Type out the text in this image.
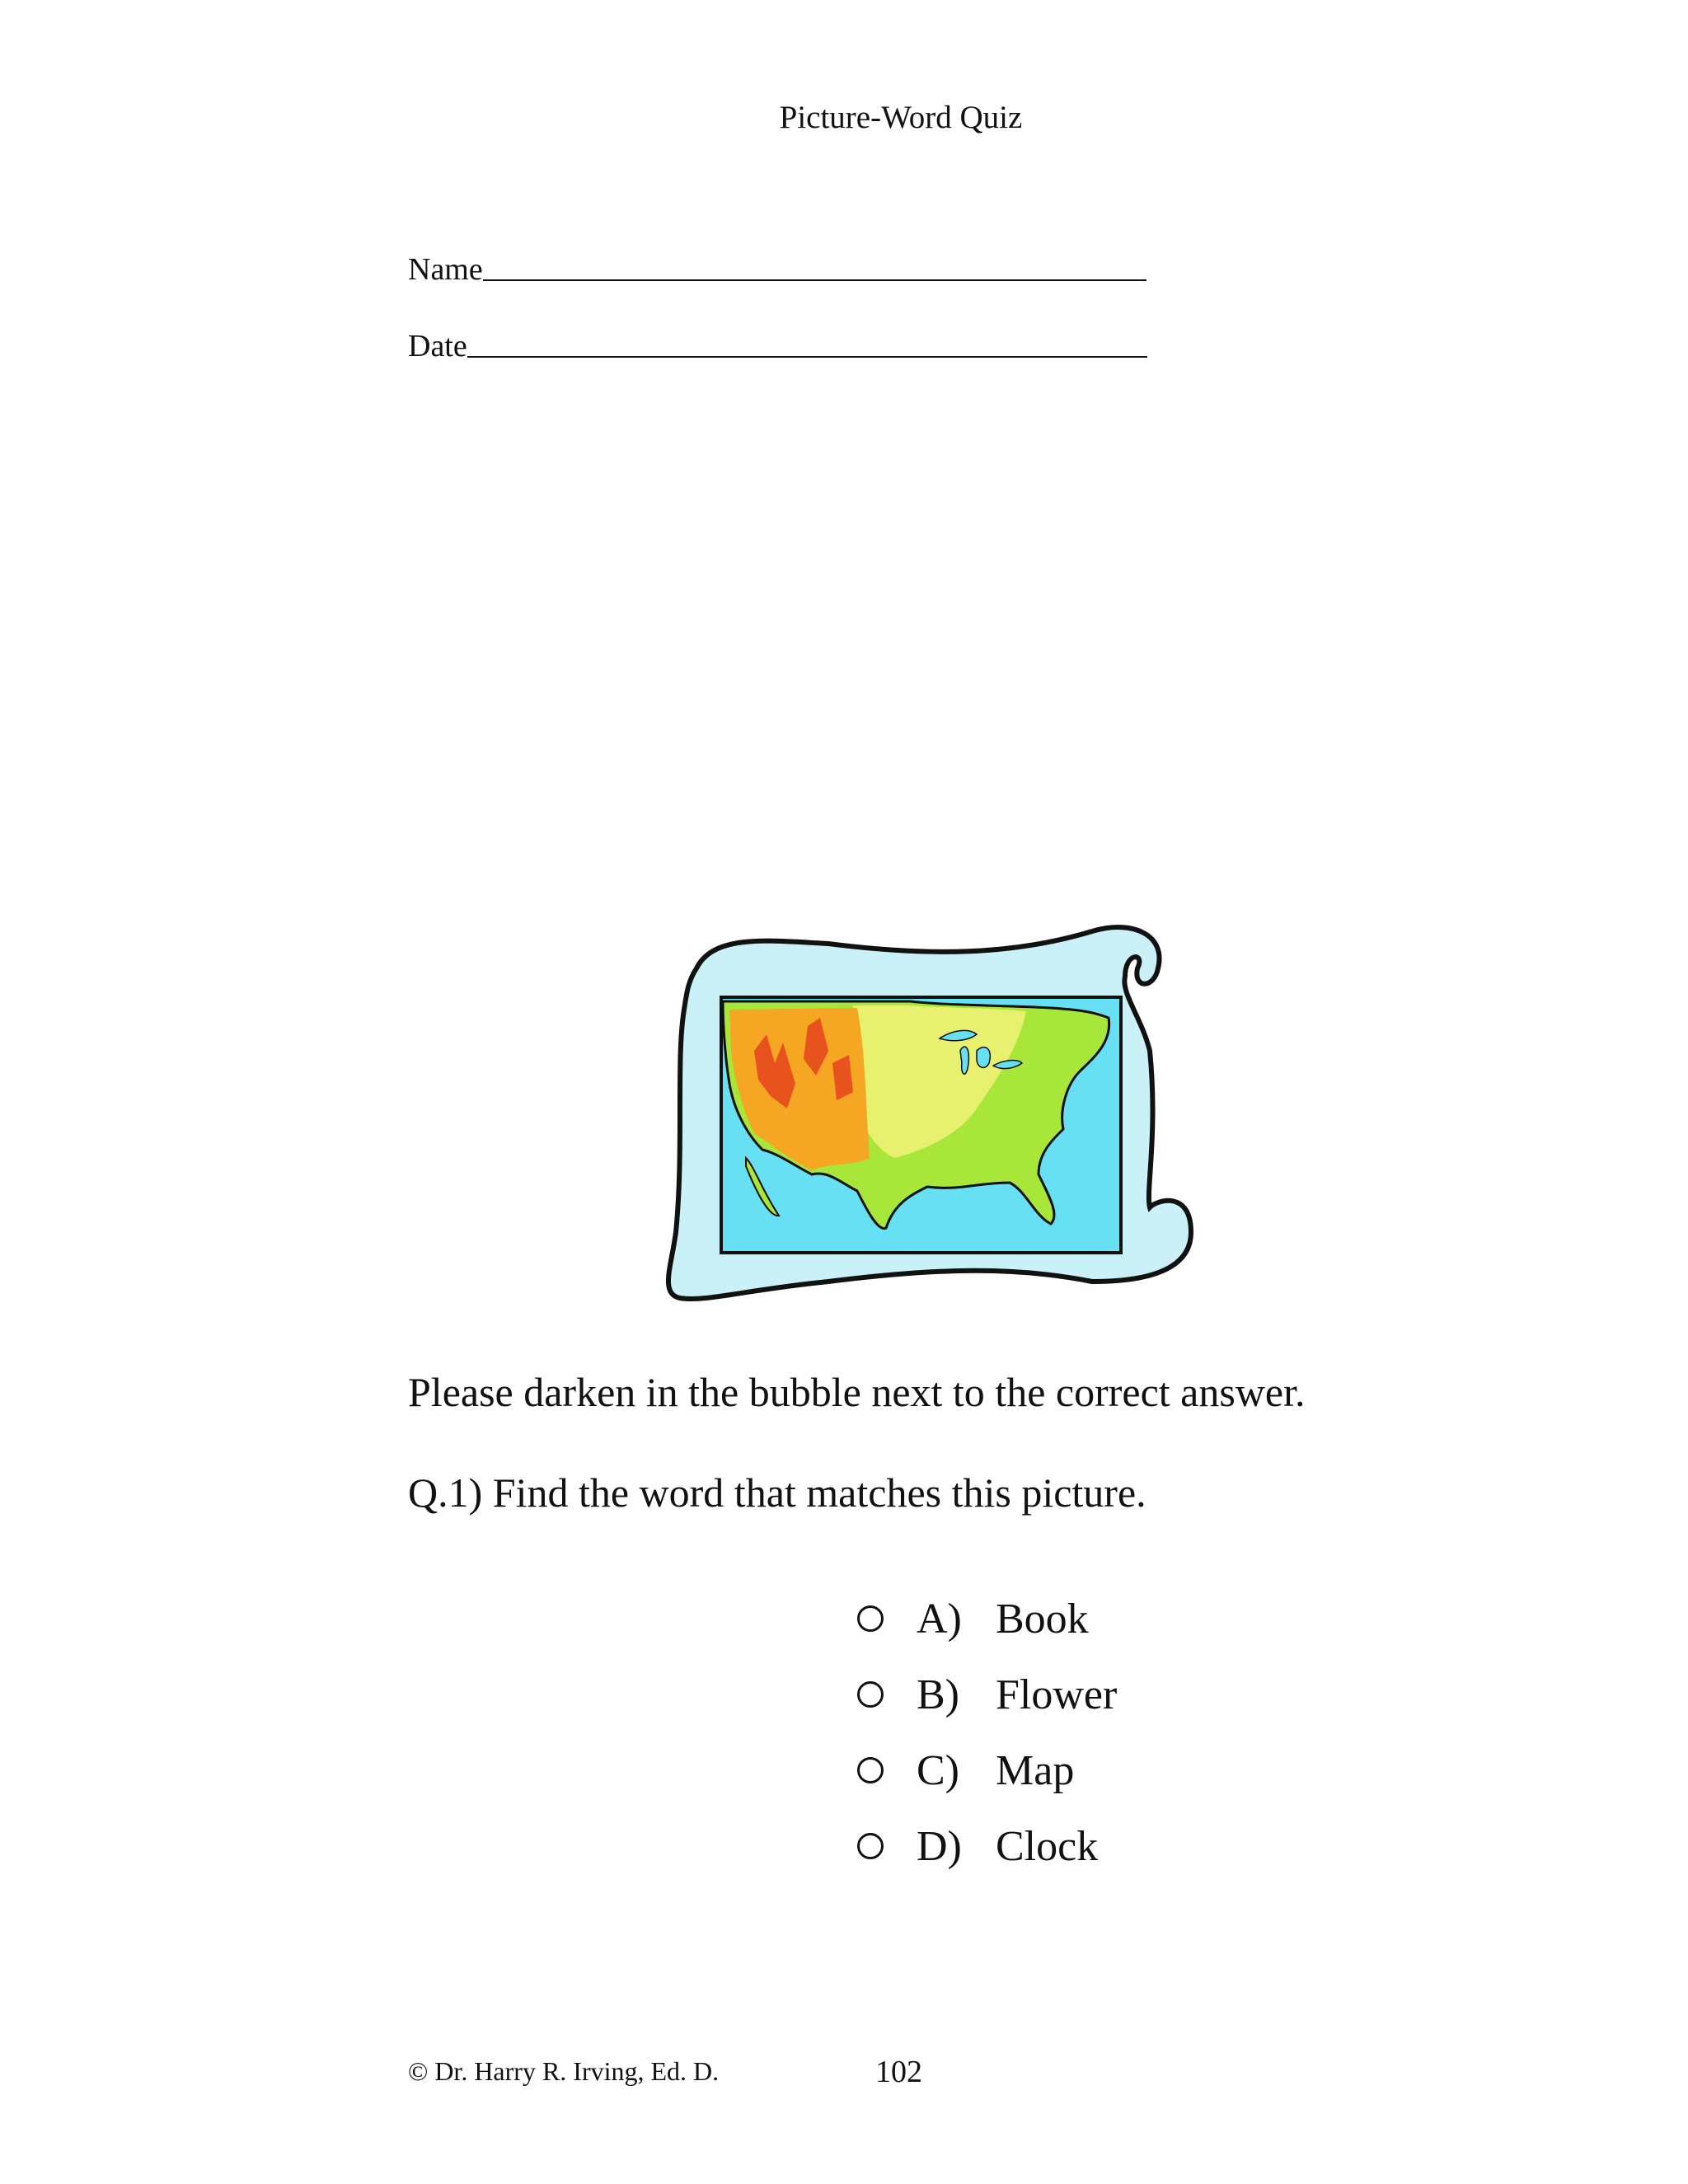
Picture-Word Quiz
Name
Date
Please darken in the bubble next to the correct answer.
Q.1) Find the word that matches this picture.
A) Book
B) Flower
C) Map
D) Clock
© Dr. Harry R. Irving, Ed. D.	102
